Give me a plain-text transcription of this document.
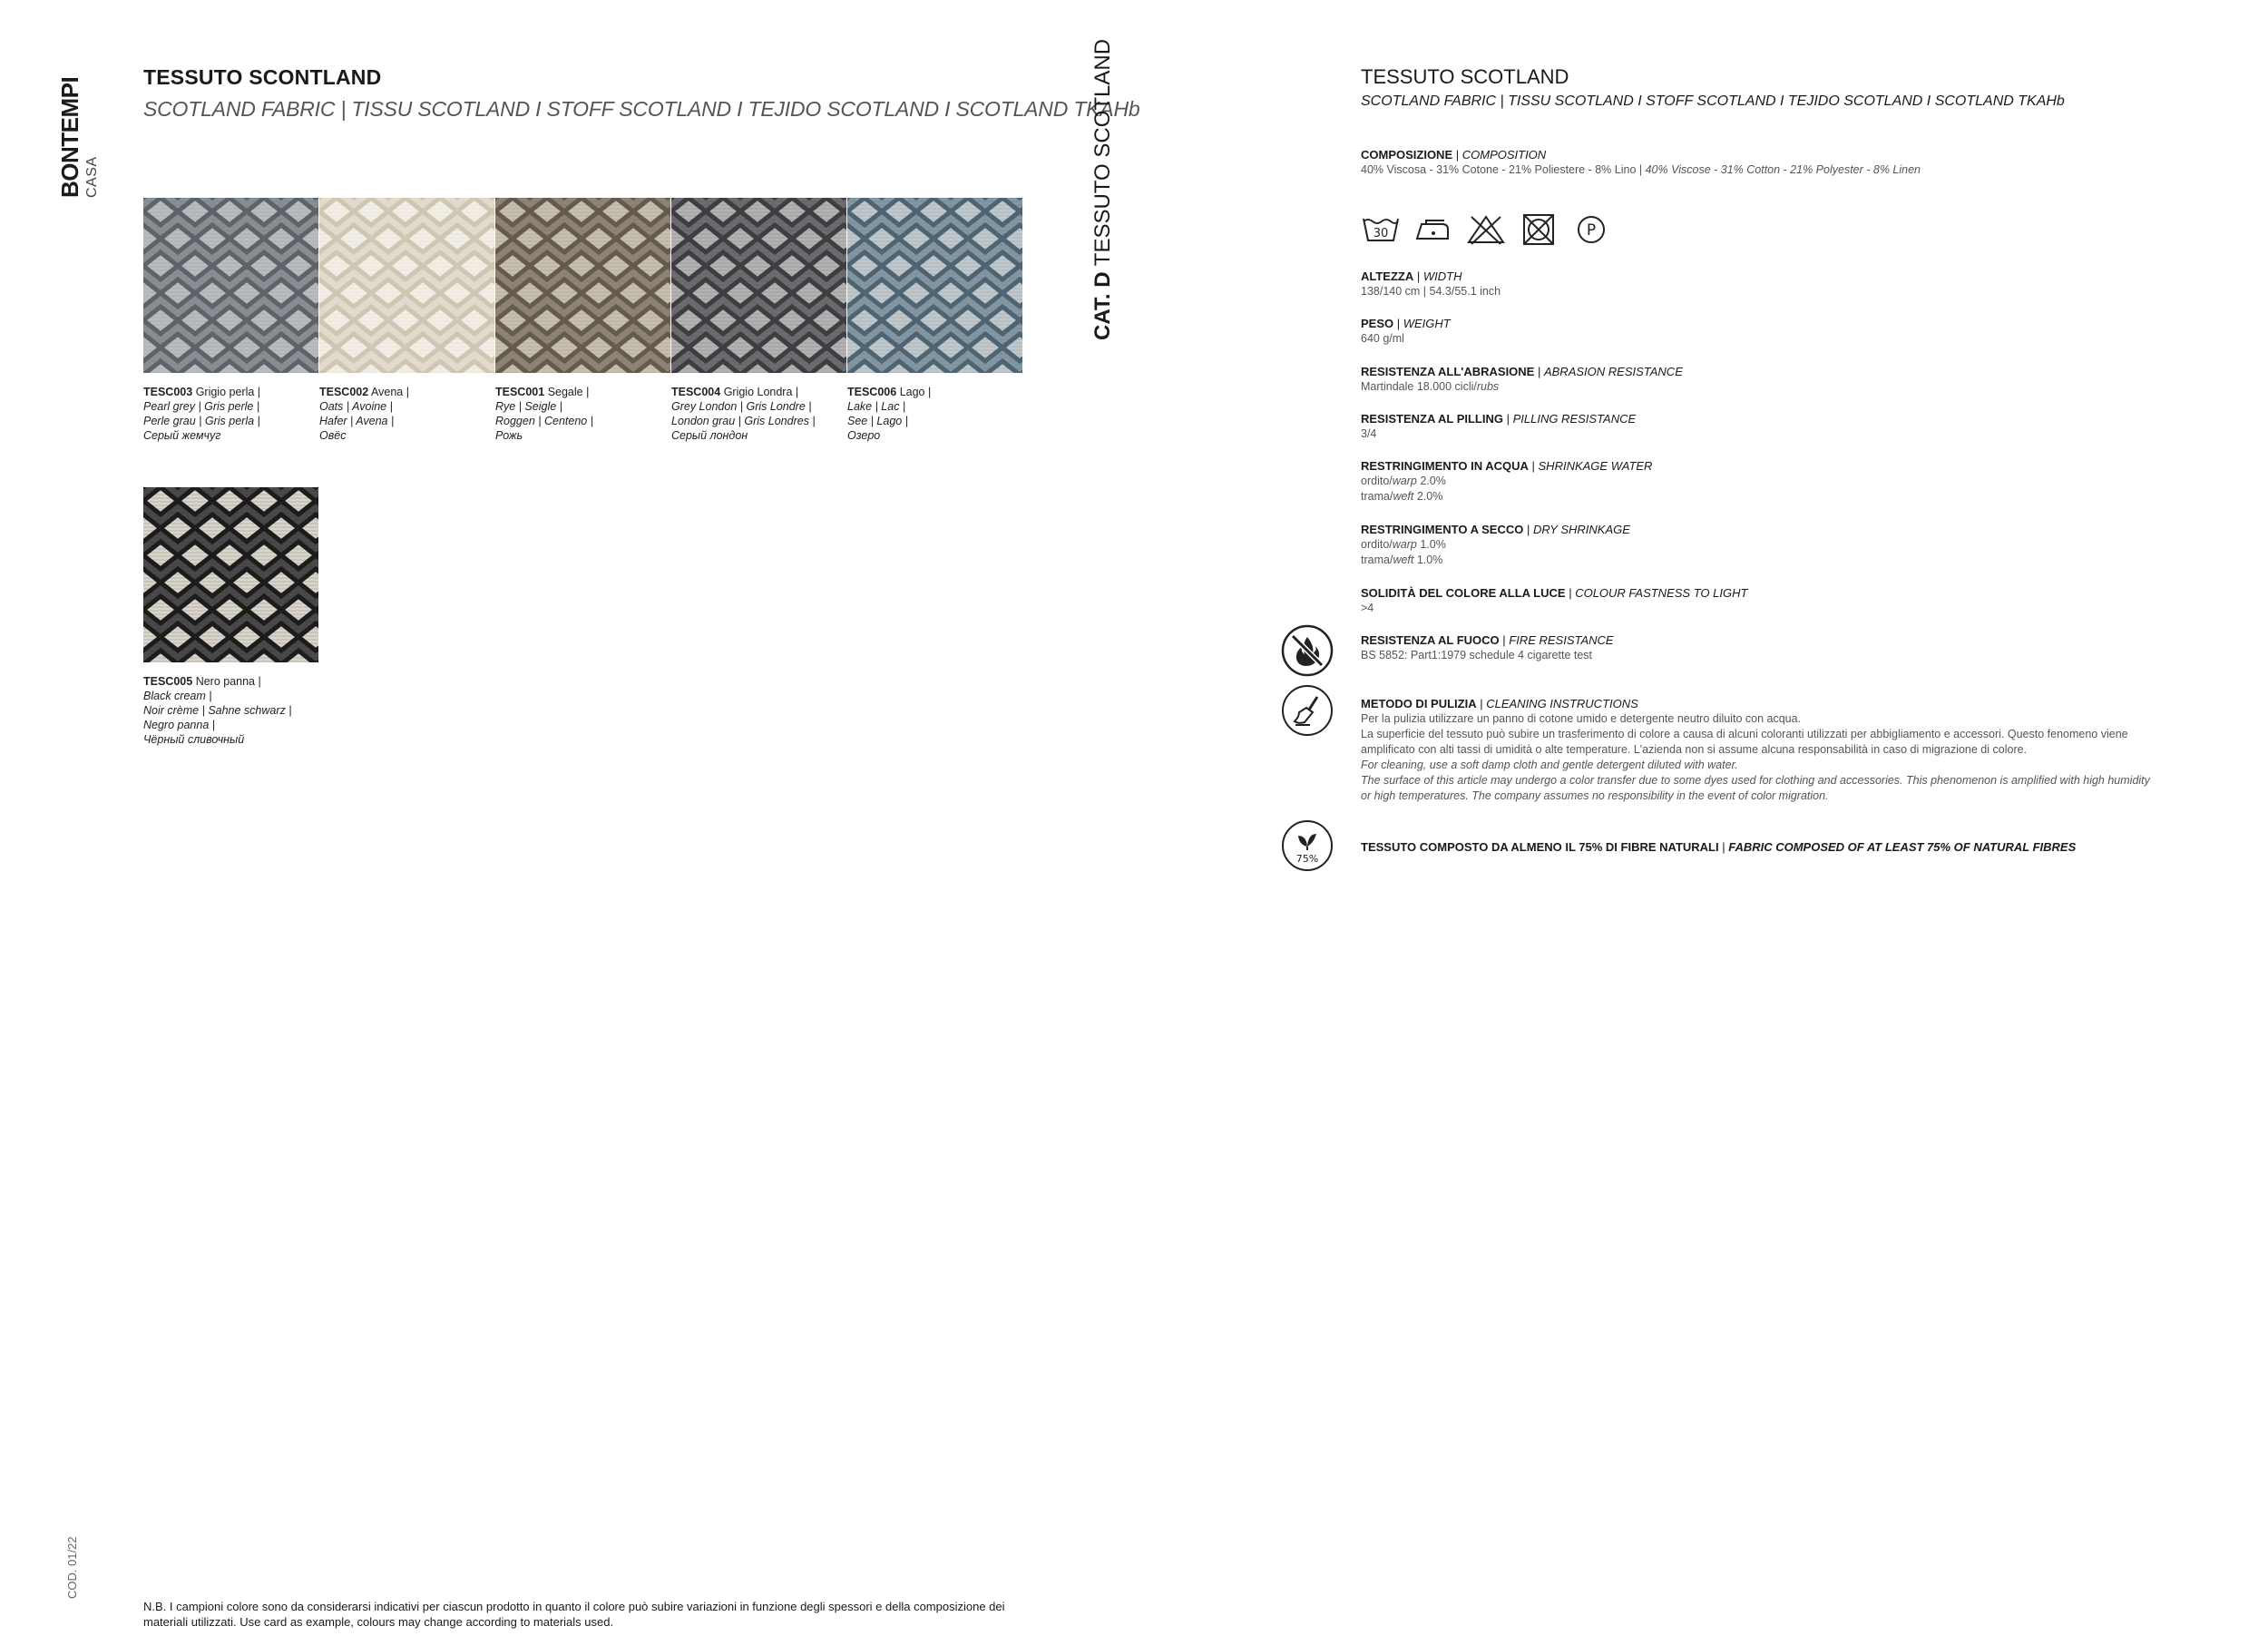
TESSUTO SCONTLAND
SCOTLAND FABRIC | TISSU SCOTLAND I STOFF SCOTLAND I TEJIDO SCOTLAND I SCOTLAND TKAHb
BONTEMPI CASA
CAT. D TESSUTO SCOTLAND
COD. 01/22
TESC003 Grigio perla |
Pearl grey | Gris perle |
Perle grau | Gris perla |
Серый жемчуг
TESC002 Avena |
Oats | Avoine |
Hafer | Avena |
Овёс
TESC001 Segale |
Rye | Seigle |
Roggen | Centeno |
Рожь
TESC004 Grigio Londra |
Grey London | Gris Londre |
London grau | Gris Londres |
Серый лондон
TESC006 Lago |
Lake | Lac |
See | Lago |
Озеро
TESC005 Nero panna |
Black cream |
Noir crème | Sahne schwarz |
Negro panna |
Чёрный сливочный
N.B. I campioni colore sono da considerarsi indicativi per ciascun prodotto in quanto il colore può subire variazioni in funzione degli spessori e della composizione dei materiali utilizzati. Use card as example, colours may change according to materials used.
TESSUTO SCOTLAND
SCOTLAND FABRIC | TISSU SCOTLAND I STOFF SCOTLAND I TEJIDO SCOTLAND I SCOTLAND TKAHb
COMPOSIZIONE | COMPOSITION
40% Viscosa - 31% Cotone - 21% Poliestere - 8% Lino | 40% Viscose - 31% Cotton - 21% Polyester - 8% Linen
30	P
ALTEZZA | WIDTH
138/140 cm | 54.3/55.1 inch
PESO | WEIGHT
640 g/ml
RESISTENZA ALL'ABRASIONE | ABRASION RESISTANCE
Martindale 18.000 cicli/rubs
RESISTENZA AL PILLING | PILLING RESISTANCE
3/4
RESTRINGIMENTO IN ACQUA | SHRINKAGE WATER
ordito/warp 2.0%
trama/weft 2.0%
RESTRINGIMENTO A SECCO | DRY SHRINKAGE
ordito/warp 1.0%
trama/weft 1.0%
SOLIDITÀ DEL COLORE ALLA LUCE | COLOUR FASTNESS TO LIGHT
>4
RESISTENZA AL FUOCO | FIRE RESISTANCE
BS 5852: Part1:1979 schedule 4 cigarette test
METODO DI PULIZIA | CLEANING INSTRUCTIONS
Per la pulizia utilizzare un panno di cotone umido e detergente neutro diluito con acqua.
La superficie del tessuto può subire un trasferimento di colore a causa di alcuni coloranti utilizzati per abbigliamento e accessori. Questo fenomeno viene amplificato con alti tassi di umidità o alte temperature. L'azienda non si assume alcuna responsabilità in caso di migrazione di colore.
For cleaning, use a soft damp cloth and gentle detergent diluted with water.
The surface of this article may undergo a color transfer due to some dyes used for clothing and accessories. This phenomenon is amplified with high humidity or high temperatures. The company assumes no responsibility in the event of color migration.
75%
TESSUTO COMPOSTO DA ALMENO IL 75% DI FIBRE NATURALI | FABRIC COMPOSED OF AT LEAST 75% OF NATURAL FIBRES
